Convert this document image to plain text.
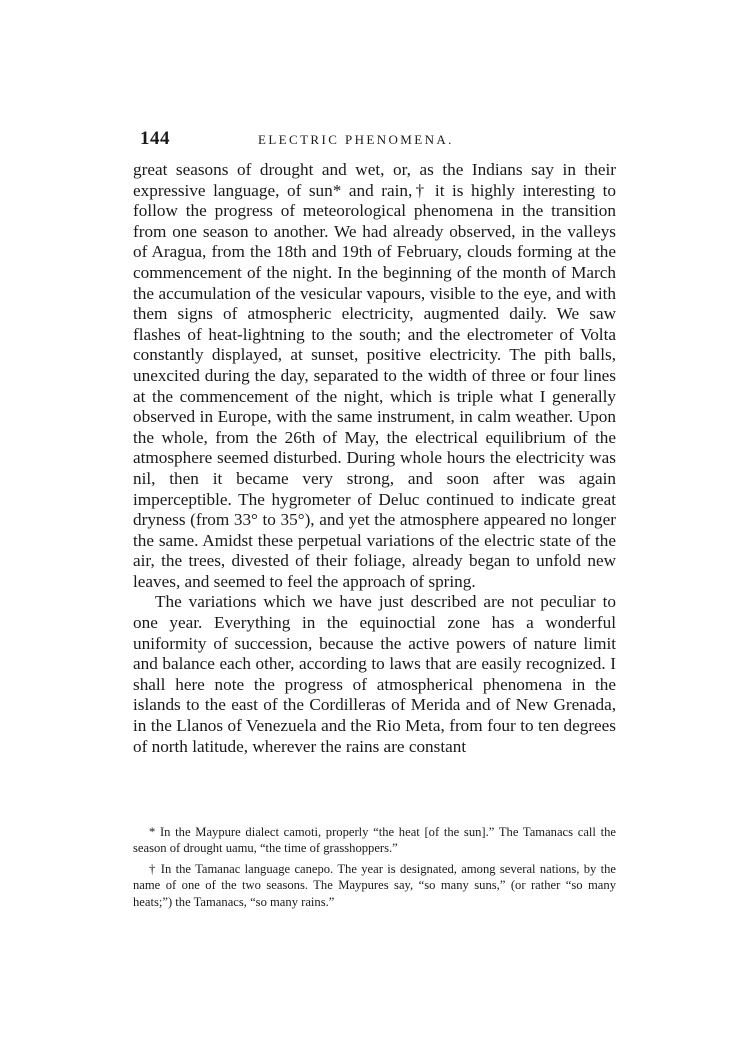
144	ELECTRIC PHENOMENA.

great seasons of drought and wet, or, as the Indians say in their expressive language, of sun* and rain,† it is highly interesting to follow the progress of meteorological phenomena in the transition from one season to another. We had already observed, in the valleys of Aragua, from the 18th and 19th of February, clouds forming at the commencement of the night. In the beginning of the month of March the accumulation of the vesicular vapours, visible to the eye, and with them signs of atmospheric electricity, augmented daily. We saw flashes of heat-lightning to the south; and the electrometer of Volta constantly displayed, at sunset, positive electricity. The pith balls, unexcited during the day, separated to the width of three or four lines at the commencement of the night, which is triple what I generally observed in Europe, with the same instrument, in calm weather. Upon the whole, from the 26th of May, the electrical equilibrium of the atmosphere seemed disturbed. During whole hours the electricity was nil, then it became very strong, and soon after was again imperceptible. The hygrometer of Deluc continued to indicate great dryness (from 33° to 35°), and yet the atmosphere appeared no longer the same. Amidst these perpetual variations of the electric state of the air, the trees, divested of their foliage, already began to unfold new leaves, and seemed to feel the approach of spring.

The variations which we have just described are not peculiar to one year. Everything in the equinoctial zone has a wonderful uniformity of succession, because the active powers of nature limit and balance each other, according to laws that are easily recognized. I shall here note the progress of atmospherical phenomena in the islands to the east of the Cordilleras of Merida and of New Grenada, in the Llanos of Venezuela and the Rio Meta, from four to ten degrees of north latitude, wherever the rains are constant

* In the Maypure dialect camoti, properly “the heat [of the sun].” The Tamanacs call the season of drought uamu, “the time of grasshoppers.”

† In the Tamanac language canepo. The year is designated, among several nations, by the name of one of the two seasons. The Maypures say, “so many suns,” (or rather “so many heats;”) the Tamanacs, “so many rains.”
